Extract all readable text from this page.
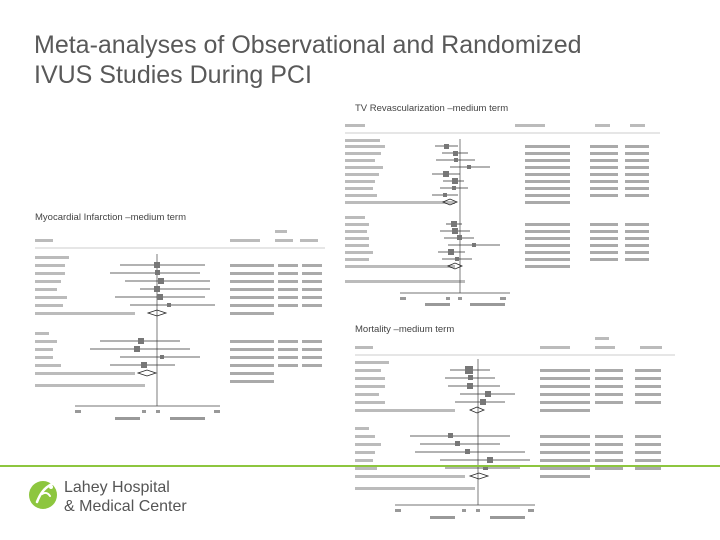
Meta-analyses of Observational and Randomized
IVUS Studies During PCI
TV Revascularization –medium term
Myocardial Infarction –medium term
Mortality –medium term
Lahey Hospital
& Medical Center
